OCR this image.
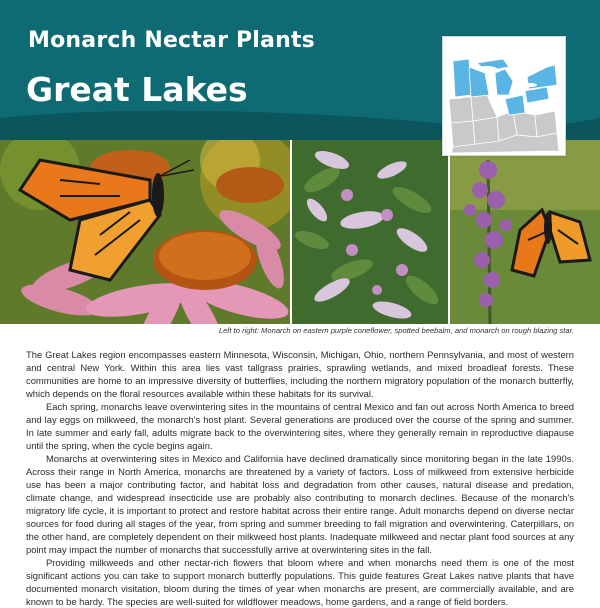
Monarch Nectar Plants
Great Lakes
Left to right: Monarch on eastern purple coneflower, spotted beebalm, and monarch on rough blazing star.

The Great Lakes region encompasses eastern Minnesota, Wisconsin, Michigan, Ohio, northern Pennsylvania, and most of western and central New York. Within this area lies vast tallgrass prairies, sprawling wetlands, and mixed broadleaf forests. These communities are home to an impressive diversity of butterflies, including the northern migratory population of the monarch butterfly, which depends on the floral resources available within these habitats for its survival.

Each spring, monarchs leave overwintering sites in the mountains of central Mexico and fan out across North America to breed and lay eggs on milkweed, the monarch's host plant. Several generations are produced over the course of the spring and summer. In late summer and early fall, adults migrate back to the overwintering sites, where they generally remain in reproductive diapause until the spring, when the cycle begins again.

Monarchs at overwintering sites in Mexico and California have declined dramatically since monitoring began in the late 1990s. Across their range in North America, monarchs are threatened by a variety of factors. Loss of milkweed from extensive herbicide use has been a major contributing factor, and habitat loss and degradation from other causes, natural disease and predation, climate change, and widespread insecticide use are probably also contributing to monarch declines. Because of the monarch's migratory life cycle, it is important to protect and restore habitat across their entire range. Adult monarchs depend on diverse nectar sources for food during all stages of the year, from spring and summer breeding to fall migration and overwintering. Caterpillars, on the other hand, are completely dependent on their milkweed host plants. Inadequate milkweed and nectar plant food sources at any point may impact the number of monarchs that successfully arrive at overwintering sites in the fall.

Providing milkweeds and other nectar-rich flowers that bloom where and when monarchs need them is one of the most significant actions you can take to support monarch butterfly populations. This guide features Great Lakes native plants that have documented monarch visitation, bloom during the times of year when monarchs are present, are commercially available, and are known to be hardy. The species are well-suited for wildflower meadows, home gardens, and a range of field borders.
